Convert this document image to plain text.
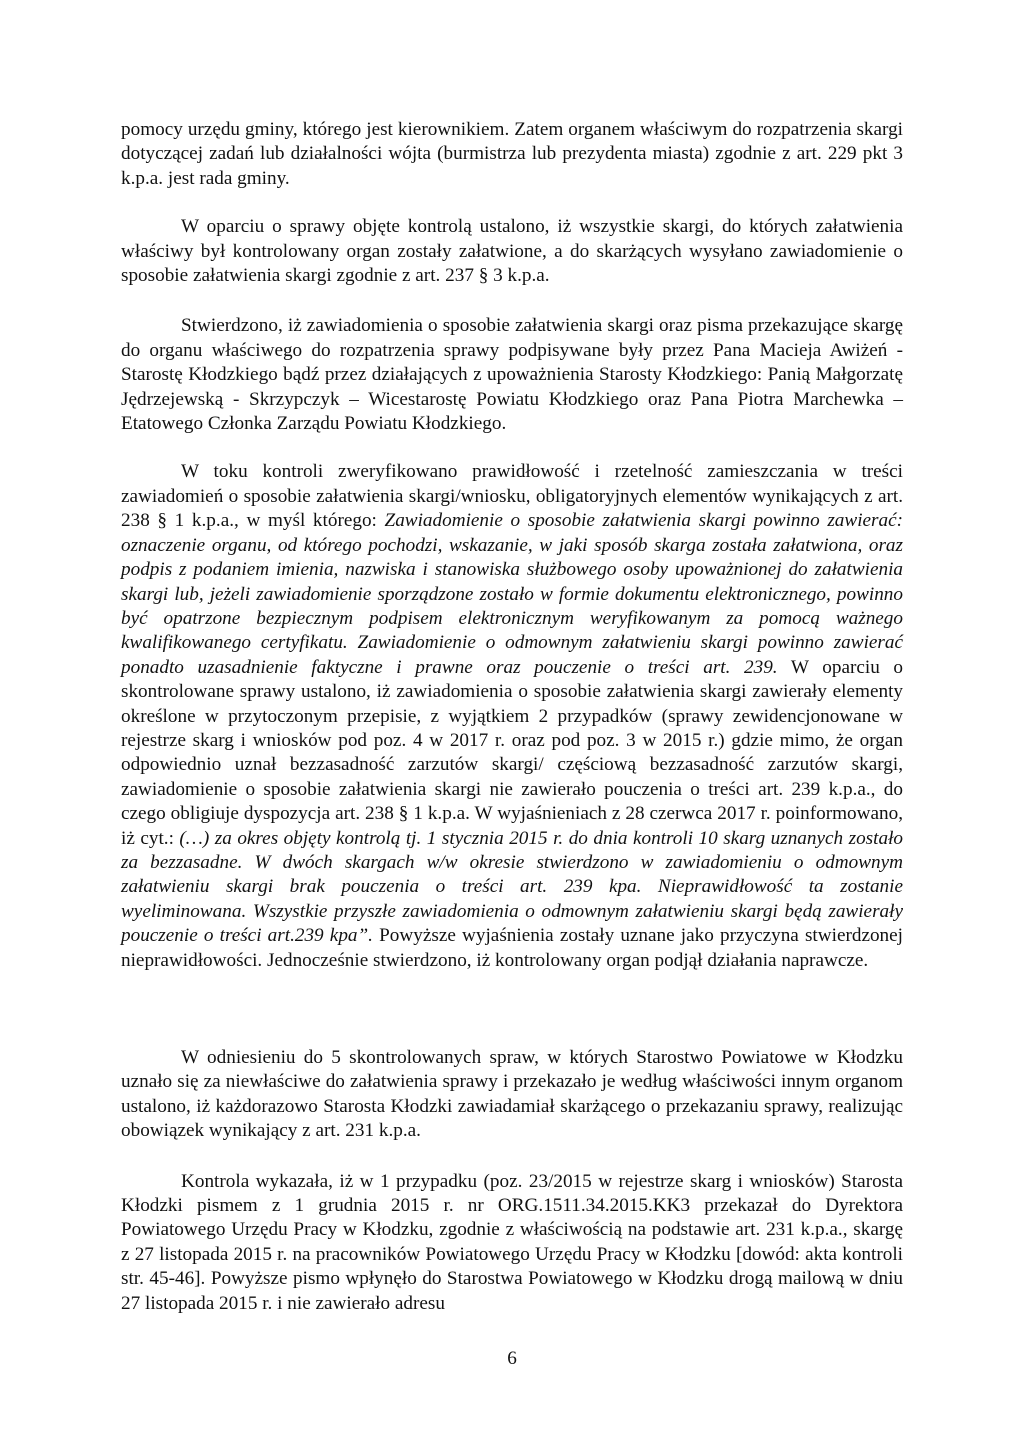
pomocy urzędu gminy, którego jest kierownikiem. Zatem organem właściwym do rozpatrzenia skargi dotyczącej zadań lub działalności wójta (burmistrza lub prezydenta miasta) zgodnie z art. 229 pkt 3 k.p.a. jest rada gminy.

W oparciu o sprawy objęte kontrolą ustalono, iż wszystkie skargi, do których załatwienia właściwy był kontrolowany organ zostały załatwione, a do skarżących wysyłano zawiadomienie o sposobie załatwienia skargi zgodnie z art. 237 § 3 k.p.a.

Stwierdzono, iż zawiadomienia o sposobie załatwienia skargi oraz pisma przekazujące skargę do organu właściwego do rozpatrzenia sprawy podpisywane były przez Pana Macieja Awiżeń - Starostę Kłodzkiego bądź przez działających z upoważnienia Starosty Kłodzkiego: Panią Małgorzatę Jędrzejewską - Skrzypczyk – Wicestarostę Powiatu Kłodzkiego oraz Pana Piotra Marchewka – Etatowego Członka Zarządu Powiatu Kłodzkiego.

W toku kontroli zweryfikowano prawidłowość i rzetelność zamieszczania w treści zawiadomień o sposobie załatwienia skargi/wniosku, obligatoryjnych elementów wynikających z art. 238 § 1 k.p.a., w myśl którego: Zawiadomienie o sposobie załatwienia skargi powinno zawierać: oznaczenie organu, od którego pochodzi, wskazanie, w jaki sposób skarga została załatwiona, oraz podpis z podaniem imienia, nazwiska i stanowiska służbowego osoby upoważnionej do załatwienia skargi lub, jeżeli zawiadomienie sporządzone zostało w formie dokumentu elektronicznego, powinno być opatrzone bezpiecznym podpisem elektronicznym weryfikowanym za pomocą ważnego kwalifikowanego certyfikatu. Zawiadomienie o odmownym załatwieniu skargi powinno zawierać ponadto uzasadnienie faktyczne i prawne oraz pouczenie o treści art. 239. W oparciu o skontrolowane sprawy ustalono, iż zawiadomienia o sposobie załatwienia skargi zawierały elementy określone w przytoczonym przepisie, z wyjątkiem 2 przypadków (sprawy zewidencjonowane w rejestrze skarg i wniosków pod poz. 4 w 2017 r. oraz pod poz. 3 w 2015 r.) gdzie mimo, że organ odpowiednio uznał bezzasadność zarzutów skargi/ częściową bezzasadność zarzutów skargi, zawiadomienie o sposobie załatwienia skargi nie zawierało pouczenia o treści art. 239 k.p.a., do czego obligiuje dyspozycja art. 238 § 1 k.p.a. W wyjaśnieniach z 28 czerwca 2017 r. poinformowano, iż cyt.: (…) za okres objęty kontrolą tj. 1 stycznia 2015 r. do dnia kontroli 10 skarg uznanych zostało za bezzasadne. W dwóch skargach w/w okresie stwierdzono w zawiadomieniu o odmownym załatwieniu skargi brak pouczenia o treści art. 239 kpa. Nieprawidłowość ta zostanie wyeliminowana. Wszystkie przyszłe zawiadomienia o odmownym załatwieniu skargi będą zawierały pouczenie o treści art.239 kpa”. Powyższe wyjaśnienia zostały uznane jako przyczyna stwierdzonej nieprawidłowości. Jednocześnie stwierdzono, iż kontrolowany organ podjął działania naprawcze.

W odniesieniu do 5 skontrolowanych spraw, w których Starostwo Powiatowe w Kłodzku uznało się za niewłaściwe do załatwienia sprawy i przekazało je według właściwości innym organom ustalono, iż każdorazowo Starosta Kłodzki zawiadamiał skarżącego o przekazaniu sprawy, realizując obowiązek wynikający z art. 231 k.p.a.

Kontrola wykazała, iż w 1 przypadku (poz. 23/2015 w rejestrze skarg i wniosków) Starosta Kłodzki pismem z 1 grudnia 2015 r. nr ORG.1511.34.2015.KK3 przekazał do Dyrektora Powiatowego Urzędu Pracy w Kłodzku, zgodnie z właściwością na podstawie art. 231 k.p.a., skargę z 27 listopada 2015 r. na pracowników Powiatowego Urzędu Pracy w Kłodzku [dowód: akta kontroli str. 45-46]. Powyższe pismo wpłynęło do Starostwa Powiatowego w Kłodzku drogą mailową w dniu 27 listopada 2015 r. i nie zawierało adresu

6
